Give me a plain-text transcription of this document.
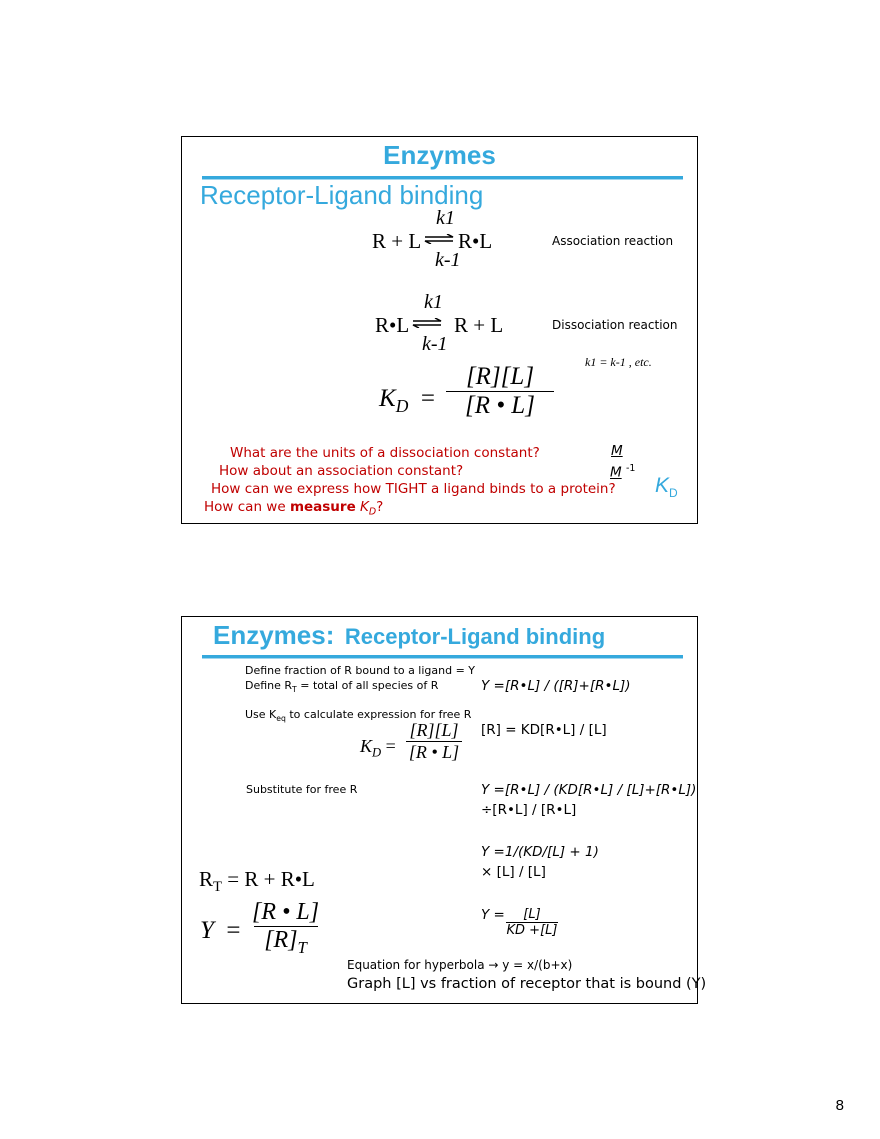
Enzymes
Receptor-Ligand binding
R + L ⇌ R•L
k1
k-1
Association reaction
R•L ⇌ R + L
k1
k-1
Dissociation reaction
k1 = k-1 , etc.
$K_D$  =
[R][L]
[R • L]
What are the units of a dissociation constant?
How about an association constant?
How can we express how TIGHT a ligand binds to a protein?
How can we measure $K_D$?
M
M $^{-1}$
$K_D$
Enzymes: Receptor-Ligand binding
Define fraction of R bound to a ligand = Y
Define $R_T$ = total of all species of R	Y =[R•L] / ([R]+[R•L])
Use $K_{eq}$ to calculate expression for free R
$K_D$ =
[R][L]
[R • L]
[R] = KD[R•L] / [L]
Substitute for free R	Y =[R•L] / (KD[R•L] / [L]+[R•L])
÷[R•L] / [R•L]
Y =1/(KD/[L] + 1)
× [L] / [L]
$R_T = R$ + R•L
Y  =
[R • L]
$[R]_T$
Y = [L]
KD +[L]
Equation for hyperbola → y = x/(b+x)
Graph [L] vs fraction of receptor that is bound (Y)
8
